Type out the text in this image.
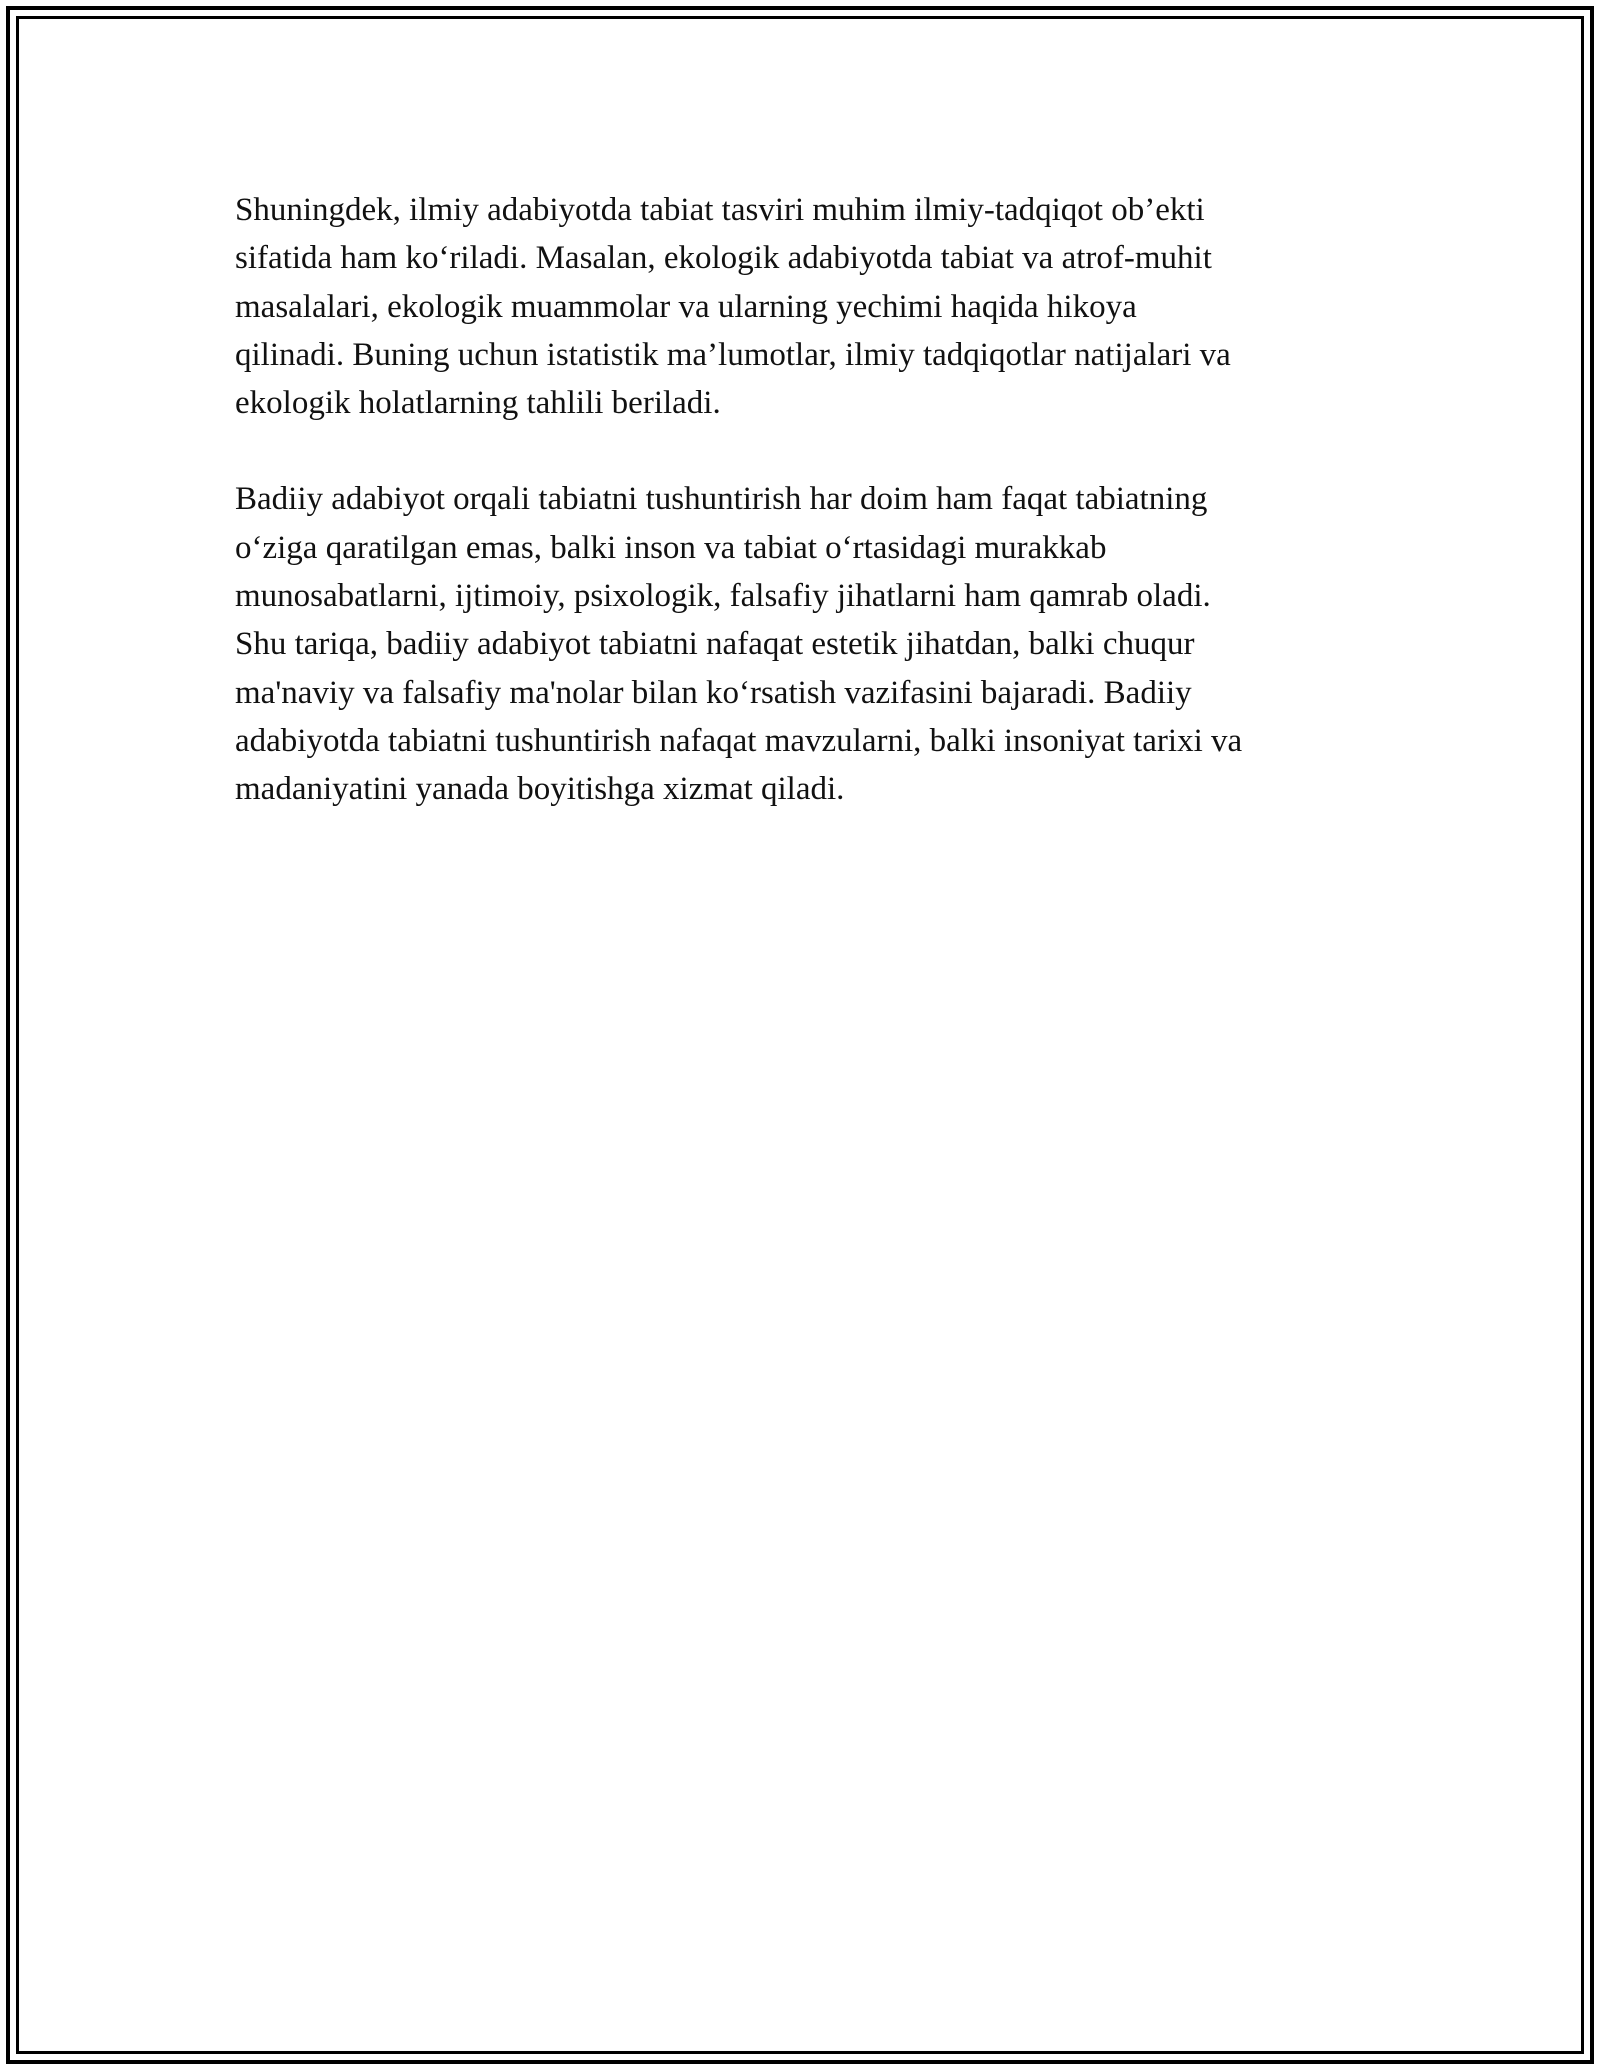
Shuningdek, ilmiy adabiyotda tabiat tasviri muhim ilmiy-tadqiqot ob’ekti
sifatida ham ko‘riladi. Masalan, ekologik adabiyotda tabiat va atrof-muhit
masalalari, ekologik muammolar va ularning yechimi haqida hikoya
qilinadi. Buning uchun istatistik ma’lumotlar, ilmiy tadqiqotlar natijalari va
ekologik holatlarning tahlili beriladi.

Badiiy adabiyot orqali tabiatni tushuntirish har doim ham faqat tabiatning
o‘ziga qaratilgan emas, balki inson va tabiat o‘rtasidagi murakkab
munosabatlarni, ijtimoiy, psixologik, falsafiy jihatlarni ham qamrab oladi.
Shu tariqa, badiiy adabiyot tabiatni nafaqat estetik jihatdan, balki chuqur
ma'naviy va falsafiy ma'nolar bilan ko‘rsatish vazifasini bajaradi. Badiiy
adabiyotda tabiatni tushuntirish nafaqat mavzularni, balki insoniyat tarixi va
madaniyatini yanada boyitishga xizmat qiladi.
